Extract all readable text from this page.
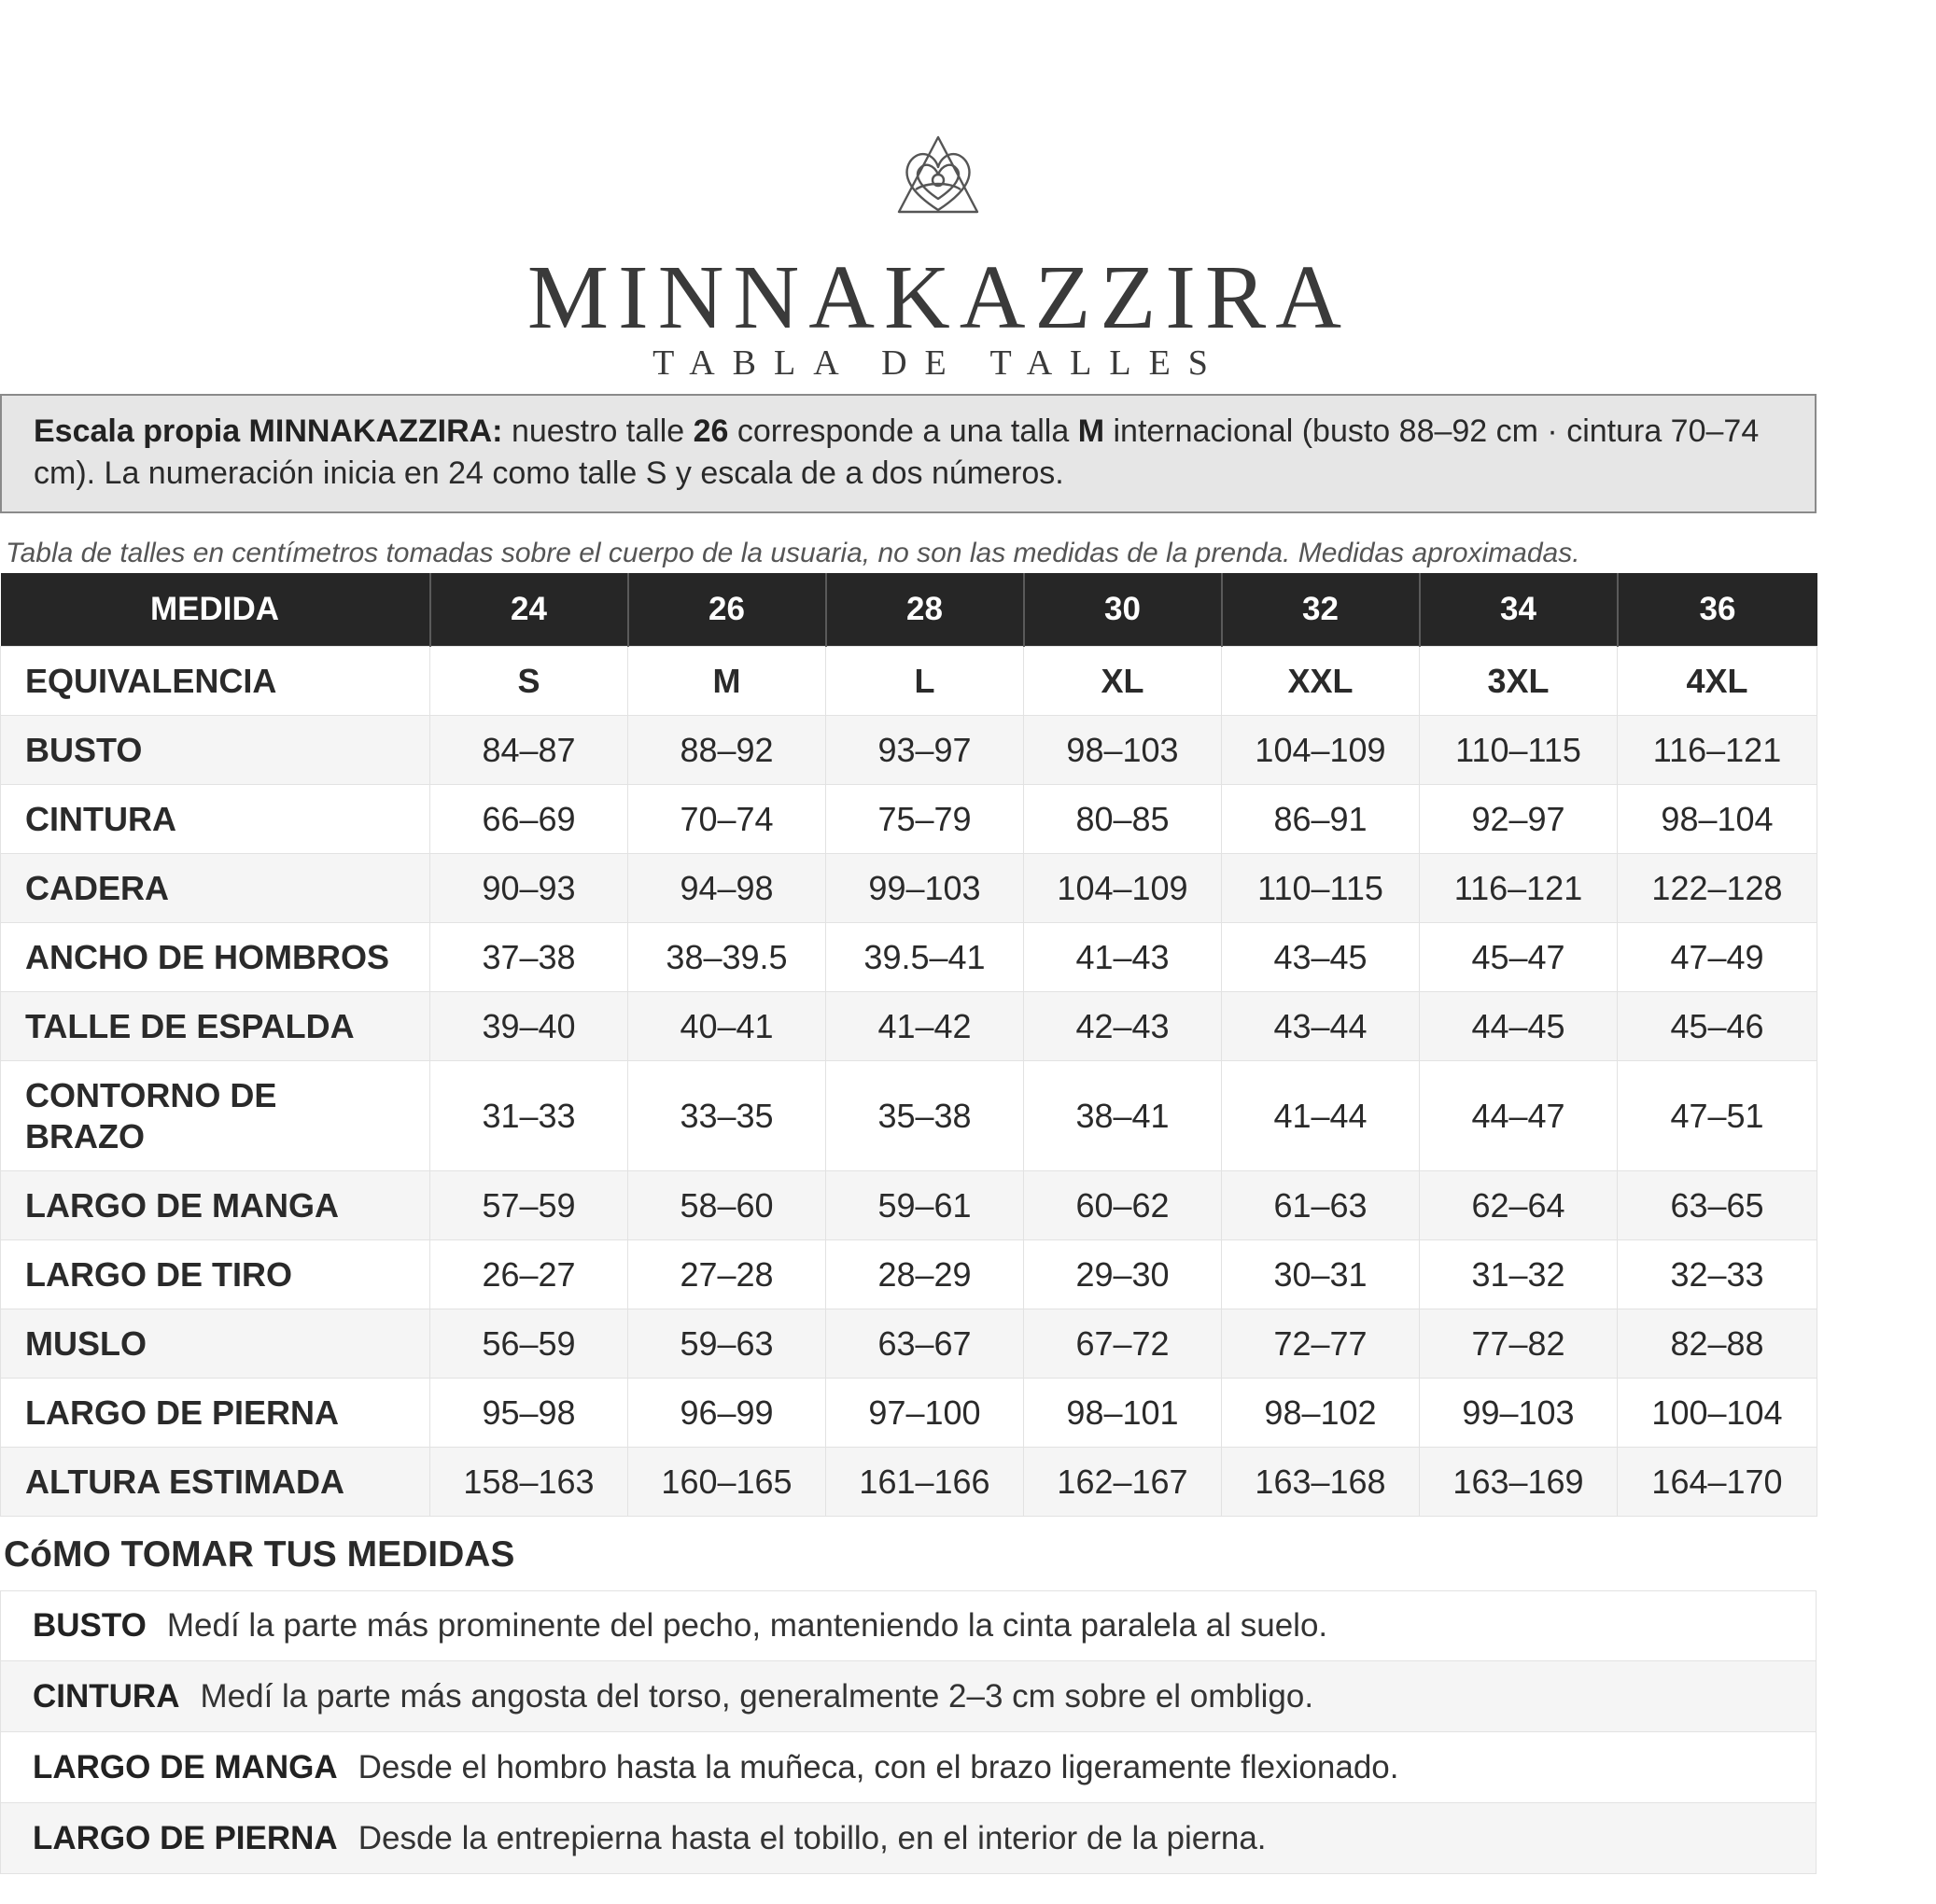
MINNAKAZZIRA
TABLA DE TALLES
Escala propia MINNAKAZZIRA: nuestro talle 26 corresponde a una talla M internacional (busto 88–92 cm · cintura 70–74 cm). La numeración inicia en 24 como talle S y escala de a dos números.
Tabla de talles en centímetros tomadas sobre el cuerpo de la usuaria, no son las medidas de la prenda. Medidas aproximadas.
MEDIDA	24	26	28	30	32	34	36
EQUIVALENCIA	S	M	L	XL	XXL	3XL	4XL
BUSTO	84–87	88–92	93–97	98–103	104–109	110–115	116–121
CINTURA	66–69	70–74	75–79	80–85	86–91	92–97	98–104
CADERA	90–93	94–98	99–103	104–109	110–115	116–121	122–128
ANCHO DE HOMBROS	37–38	38–39.5	39.5–41	41–43	43–45	45–47	47–49
TALLE DE ESPALDA	39–40	40–41	41–42	42–43	43–44	44–45	45–46
CONTORNO DE BRAZO	31–33	33–35	35–38	38–41	41–44	44–47	47–51
LARGO DE MANGA	57–59	58–60	59–61	60–62	61–63	62–64	63–65
LARGO DE TIRO	26–27	27–28	28–29	29–30	30–31	31–32	32–33
MUSLO	56–59	59–63	63–67	67–72	72–77	77–82	82–88
LARGO DE PIERNA	95–98	96–99	97–100	98–101	98–102	99–103	100–104
ALTURA ESTIMADA	158–163	160–165	161–166	162–167	163–168	163–169	164–170
CóMO TOMAR TUS MEDIDAS
BUSTO Medí la parte más prominente del pecho, manteniendo la cinta paralela al suelo.
CINTURA Medí la parte más angosta del torso, generalmente 2–3 cm sobre el ombligo.
LARGO DE MANGA Desde el hombro hasta la muñeca, con el brazo ligeramente flexionado.
LARGO DE PIERNA Desde la entrepierna hasta el tobillo, en el interior de la pierna.
